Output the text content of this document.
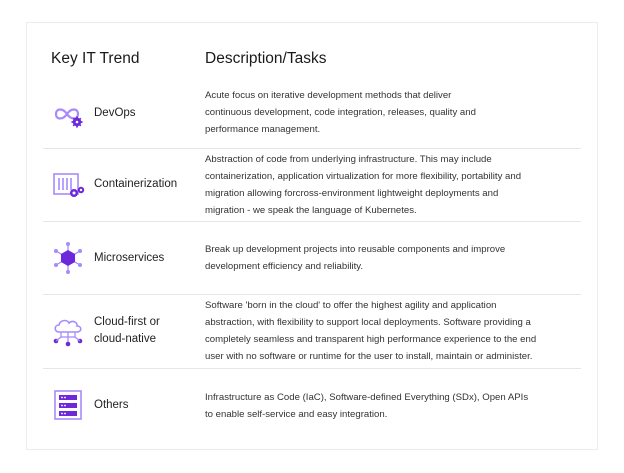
Key IT Trend	Description/Tasks
DevOps
Acute focus on iterative development methods that deliver
continuous development, code integration, releases, quality and
performance management.
Containerization
Abstraction of code from underlying infrastructure. This may include
containerization, application virtualization for more flexibility, portability and
migration allowing forcross-environment lightweight deployments and
migration - we speak the language of Kubernetes.
Microservices
Break up development projects into reusable components and improve
development efficiency and reliability.
Cloud-first or
cloud-native
Software 'born in the cloud' to offer the highest agility and application
abstraction, with flexibility to support local deployments. Software providing a
completely seamless and transparent high performance experience to the end
user with no software or runtime for the user to install, maintain or administer.
Others
Infrastructure as Code (IaC), Software-defined Everything (SDx), Open APIs
to enable self-service and easy integration.
